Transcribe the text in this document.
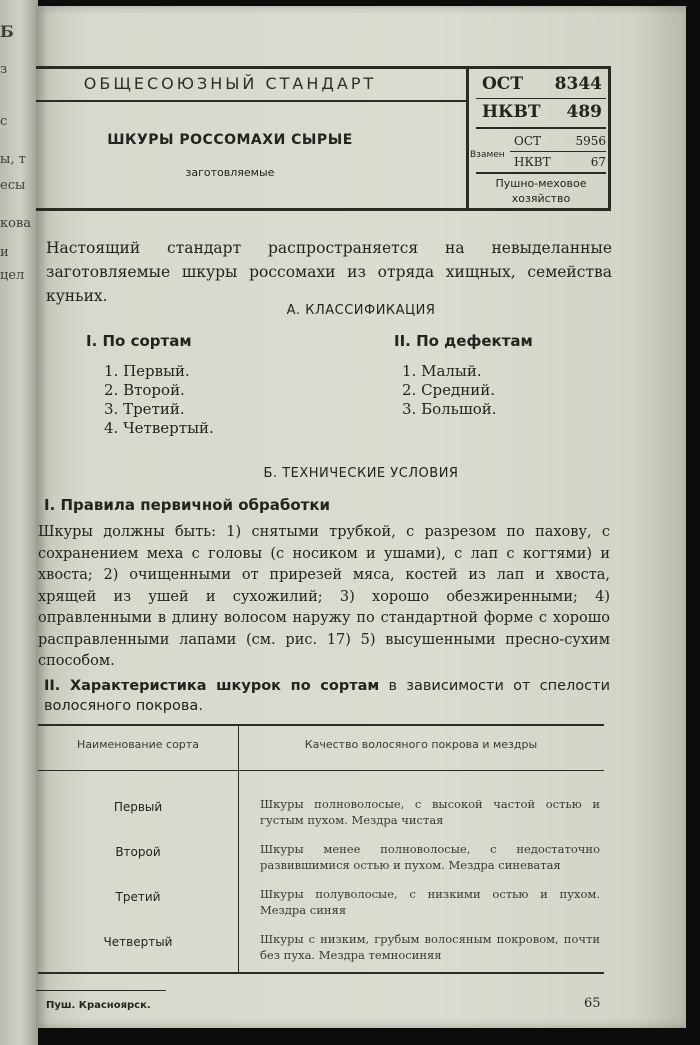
Б
з
с
ы, т
есы
кова
и
цел
ОБЩЕСОЮЗНЫЙ СТАНДАРТ
ШКУРЫ РОССОМАХИ СЫРЫЕ
заготовляемые
ОСТ 8344
НКВТ 489
Взамен
ОСТ	5956
НКВТ	67
Пушно-меховое хозяйство
Настоящий стандарт распространяется на невыделанные заготовляемые шкуры россомахи из отряда хищных, семейства куньих.
А. КЛАССИФИКАЦИЯ
I. По сортам	II. По дефектам
1. Первый.
2. Второй.
3. Третий.
4. Четвертый.
1. Малый.
2. Средний.
3. Большой.
Б. ТЕХНИЧЕСКИЕ УСЛОВИЯ
I. Правила первичной обработки
Шкуры должны быть: 1) снятыми трубкой, с разрезом по пахову, с сохранением меха с головы (с носиком и ушами), с лап с когтями) и хвоста; 2) очищенными от прирезей мяса, костей из лап и хвоста, хрящей из ушей и сухожилий; 3) хорошо обезжиренными; 4) оправленными в длину волосом наружу по стандартной форме с хорошо расправленными лапами (см. рис. 17) 5) высушенными пресно-сухим способом.
II. Характеристика шкурок по сортам в зависимости от спелости волосяного покрова.
Наименование сорта	Качество волосяного покрова и мездры
Первый	Шкуры полноволосые, с высокой частой остью и густым пухом. Мездра чистая
Второй	Шкуры менее полноволосые, с недостаточно развившимися остью и пухом. Мездра синеватая
Третий	Шкуры полуволосые, с низкими остью и пухом. Мездра синяя
Четвертый	Шкуры с низким, грубым волосяным покровом, почти без пуха. Мездра темносиняя
Пуш. Красноярск.	65
